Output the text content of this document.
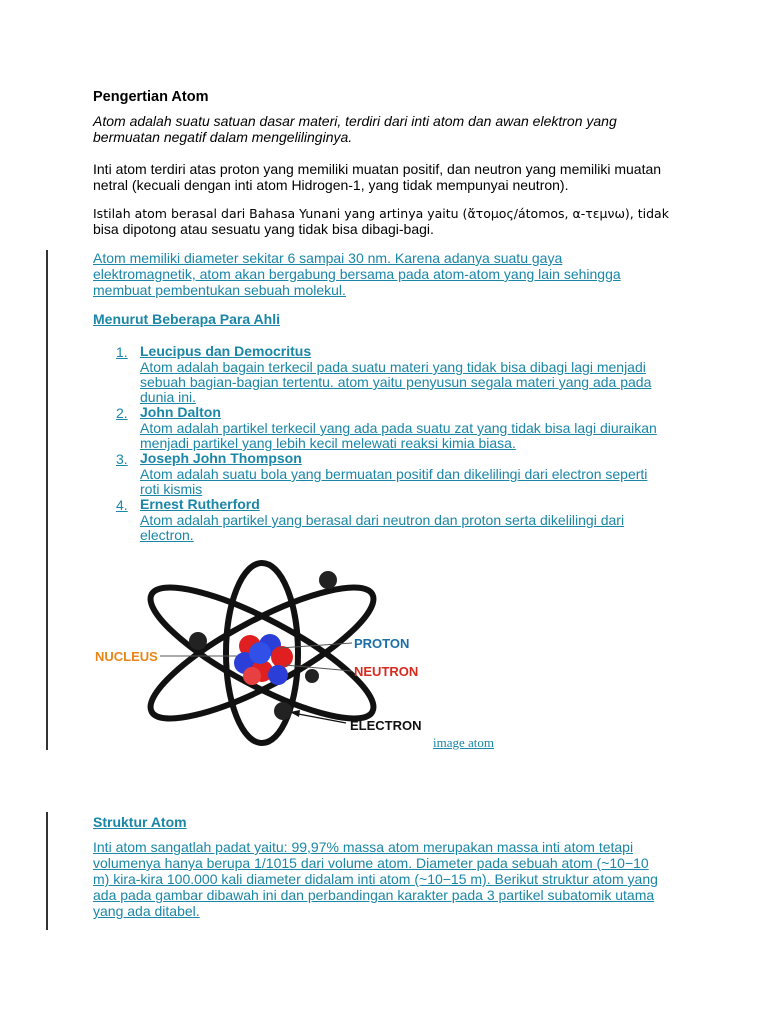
Pengertian Atom
Atom adalah suatu satuan dasar materi, terdiri dari inti atom dan awan elektron yang
bermuatan negatif dalam mengelilinginya.
Inti atom terdiri atas proton yang memiliki muatan positif, dan neutron yang memiliki muatan
netral (kecuali dengan inti atom Hidrogen-1, yang tidak mempunyai neutron).
Istilah atom berasal dari Bahasa Yunani yang artinya yaitu (ἄτομος/átomos, α-τεμνω), tidak
bisa dipotong atau sesuatu yang tidak bisa dibagi-bagi.
Atom memiliki diameter sekitar 6 sampai 30 nm. Karena adanya suatu gaya
elektromagnetik, atom akan bergabung bersama pada atom-atom yang lain sehingga
membuat pembentukan sebuah molekul.
Menurut Beberapa Para Ahli
1. Leucipus dan Democritus
Atom adalah bagain terkecil pada suatu materi yang tidak bisa dibagi lagi menjadi
sebuah bagian-bagian tertentu. atom yaitu penyusun segala materi yang ada pada
dunia ini.
2. John Dalton
Atom adalah partikel terkecil yang ada pada suatu zat yang tidak bisa lagi diuraikan
menjadi partikel yang lebih kecil melewati reaksi kimia biasa.
3. Joseph John Thompson
Atom adalah suatu bola yang bermuatan positif dan dikelilingi dari electron seperti
roti kismis
4. Ernest Rutherford
Atom adalah partikel yang berasal dari neutron dan proton serta dikelilingi dari
electron.
NUCLEUS
PROTON
NEUTRON
ELECTRON
image atom
Struktur Atom
Inti atom sangatlah padat yaitu: 99,97% massa atom merupakan massa inti atom tetapi
volumenya hanya berupa 1/1015 dari volume atom. Diameter pada sebuah atom (~10−10
m) kira-kira 100.000 kali diameter didalam inti atom (~10−15 m). Berikut struktur atom yang
ada pada gambar dibawah ini dan perbandingan karakter pada 3 partikel subatomik utama
yang ada ditabel.
